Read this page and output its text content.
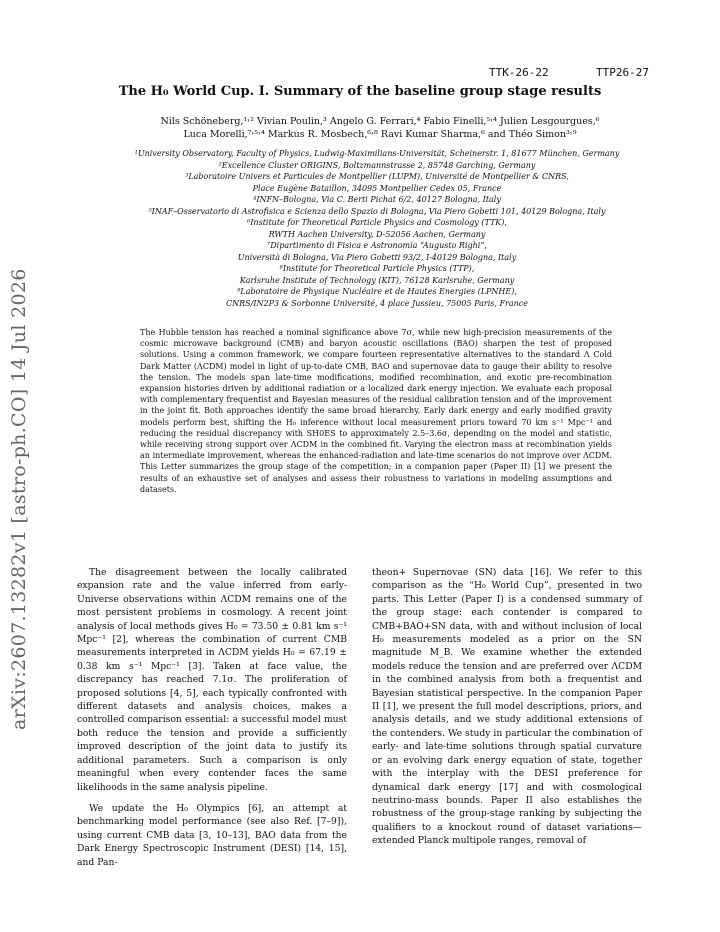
arXiv:2607.13282v1 [astro-ph.CO] 14 Jul 2026
TTK-26-22	TTP26-27
The H₀ World Cup. I. Summary of the baseline group stage results
Nils Schöneberg,¹˒² Vivian Poulin,³ Angelo G. Ferrari,⁴ Fabio Finelli,⁵˒⁴ Julien Lesgourgues,⁶
Luca Morelli,⁷˒⁵˒⁴ Markus R. Mosbech,⁶˒⁸ Ravi Kumar Sharma,⁶ and Théo Simon³˒⁹
¹University Observatory, Faculty of Physics, Ludwig-Maximilians-Universität, Scheinerstr. 1, 81677 München, Germany
²Excellence Cluster ORIGINS, Boltzmannstrasse 2, 85748 Garching, Germany
³Laboratoire Univers et Particules de Montpellier (LUPM), Université de Montpellier & CNRS,
Place Eugène Bataillon, 34095 Montpellier Cedex 05, France
⁴INFN–Bologna, Via C. Berti Pichat 6/2, 40127 Bologna, Italy
⁵INAF–Osservatorio di Astrofisica e Scienza dello Spazio di Bologna, Via Piero Gobetti 101, 40129 Bologna, Italy
⁶Institute for Theoretical Particle Physics and Cosmology (TTK),
RWTH Aachen University, D-52056 Aachen, Germany
⁷Dipartimento di Fisica e Astronomia “Augusto Righi”,
Università di Bologna, Via Piero Gobetti 93/2, I-40129 Bologna, Italy
⁸Institute for Theoretical Particle Physics (TTP),
Karlsruhe Institute of Technology (KIT), 76128 Karlsruhe, Germany
⁹Laboratoire de Physique Nucléaire et de Hautes Energies (LPNHE),
CNRS/IN2P3 & Sorbonne Université, 4 place Jussieu, 75005 Paris, France
The Hubble tension has reached a nominal significance above 7σ, while new high-precision measurements of the cosmic microwave background (CMB) and baryon acoustic oscillations (BAO) sharpen the test of proposed solutions. Using a common framework, we compare fourteen representative alternatives to the standard Λ Cold Dark Matter (ΛCDM) model in light of up-to-date CMB, BAO and supernovae data to gauge their ability to resolve the tension. The models span late-time modifications, modified recombination, and exotic pre-recombination expansion histories driven by additional radiation or a localized dark energy injection. We evaluate each proposal with complementary frequentist and Bayesian measures of the residual calibration tension and of the improvement in the joint fit. Both approaches identify the same broad hierarchy. Early dark energy and early modified gravity models perform best, shifting the H₀ inference without local measurement priors toward 70 km s⁻¹ Mpc⁻¹ and reducing the residual discrepancy with SH0ES to approximately 2.5–3.6σ, depending on the model and statistic, while receiving strong support over ΛCDM in the combined fit. Varying the electron mass at recombination yields an intermediate improvement, whereas the enhanced-radiation and late-time scenarios do not improve over ΛCDM. This Letter summarizes the group stage of the competition; in a companion paper (Paper II) [1] we present the results of an exhaustive set of analyses and assess their robustness to variations in modeling assumptions and datasets.

The disagreement between the locally calibrated expansion rate and the value inferred from early-Universe observations within ΛCDM remains one of the most persistent problems in cosmology. A recent joint analysis of local methods gives H₀ = 73.50 ± 0.81 km s⁻¹ Mpc⁻¹ [2], whereas the combination of current CMB measurements interpreted in ΛCDM yields H₀ = 67.19 ± 0.38 km s⁻¹ Mpc⁻¹ [3]. Taken at face value, the discrepancy has reached 7.1σ. The proliferation of proposed solutions [4, 5], each typically confronted with different datasets and analysis choices, makes a controlled comparison essential: a successful model must both reduce the tension and provide a sufficiently improved description of the joint data to justify its additional parameters. Such a comparison is only meaningful when every contender faces the same likelihoods in the same analysis pipeline.

We update the H₀ Olympics [6], an attempt at benchmarking model performance (see also Ref. [7–9]), using current CMB data [3, 10–13], BAO data from the Dark Energy Spectroscopic Instrument (DESI) [14, 15], and Pan-

theon+ Supernovae (SN) data [16]. We refer to this comparison as the “H₀ World Cup”, presented in two parts. This Letter (Paper I) is a condensed summary of the group stage: each contender is compared to CMB+BAO+SN data, with and without inclusion of local H₀ measurements modeled as a prior on the SN magnitude M_B. We examine whether the extended models reduce the tension and are preferred over ΛCDM in the combined analysis from both a frequentist and Bayesian statistical perspective. In the companion Paper II [1], we present the full model descriptions, priors, and analysis details, and we study additional extensions of the contenders. We study in particular the combination of early- and late-time solutions through spatial curvature or an evolving dark energy equation of state, together with the interplay with the DESI preference for dynamical dark energy [17] and with cosmological neutrino-mass bounds. Paper II also establishes the robustness of the group-stage ranking by subjecting the qualifiers to a knockout round of dataset variations—extended Planck multipole ranges, removal of
